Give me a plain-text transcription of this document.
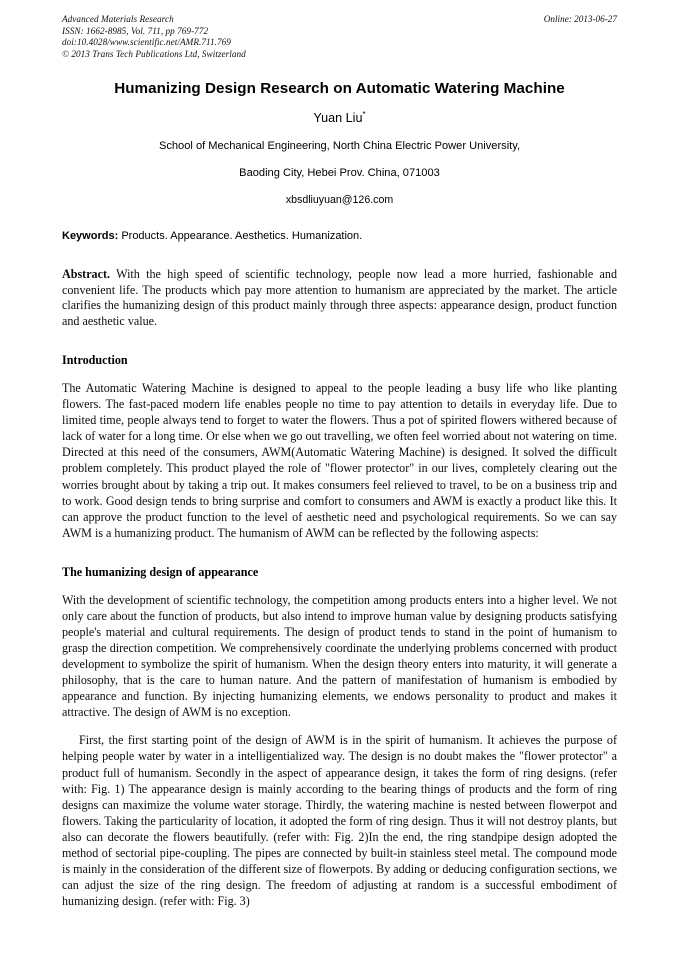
Advanced Materials Research
ISSN: 1662-8985, Vol. 711, pp 769-772
doi:10.4028/www.scientific.net/AMR.711.769
© 2013 Trans Tech Publications Ltd, Switzerland
Online: 2013-06-27
Humanizing Design Research on Automatic Watering Machine
Yuan Liu*
School of Mechanical Engineering, North China Electric Power University,
Baoding City, Hebei Prov. China, 071003
xbsdliuyuan@126.com
Keywords: Products. Appearance. Aesthetics. Humanization.
Abstract. With the high speed of scientific technology, people now lead a more hurried, fashionable and convenient life. The products which pay more attention to humanism are appreciated by the market. The article clarifies the humanizing design of this product mainly through three aspects: appearance design, product function and aesthetic value.
Introduction

The Automatic Watering Machine is designed to appeal to the people leading a busy life who like planting flowers. The fast-paced modern life enables people no time to pay attention to details in everyday life. Due to limited time, people always tend to forget to water the flowers. Thus a pot of spirited flowers withered because of lack of water for a long time. Or else when we go out travelling, we often feel worried about not watering on time. Directed at this need of the consumers, AWM(Automatic Watering Machine) is designed. It solved the difficult problem completely. This product played the role of "flower protector" in our lives, completely clearing out the worries brought about by taking a trip out. It makes consumers feel relieved to travel, to be on a business trip and to work. Good design tends to bring surprise and comfort to consumers and AWM is exactly a product like this. It can approve the product function to the level of aesthetic need and psychological requirements. So we can say AWM is a humanizing product. The humanism of AWM can be reflected by the following aspects:

The humanizing design of appearance

With the development of scientific technology, the competition among products enters into a higher level. We not only care about the function of products, but also intend to improve human value by designing products satisfying people's material and cultural requirements. The design of product tends to stand in the point of humanism to grasp the direction competition. We comprehensively coordinate the underlying problems concerned with product development to symbolize the spirit of humanism. When the design theory enters into maturity, it will generate a philosophy, that is the care to human nature. And the pattern of manifestation of humanism is embodied by appearance and function. By injecting humanizing elements, we endows personality to product and makes it attractive. The design of AWM is no exception.

First, the first starting point of the design of AWM is in the spirit of humanism. It achieves the purpose of helping people water by water in a intelligentialized way. The design is no doubt makes the "flower protector" a product full of humanism. Secondly in the aspect of appearance design, it takes the form of ring designs. (refer with: Fig. 1) The appearance design is mainly according to the bearing things of products and the form of ring designs can maximize the volume water storage. Thirdly, the watering machine is nested between flowerpot and flowers. Taking the particularity of location, it adopted the form of ring design. Thus it will not destroy plants, but also can decorate the flowers beautifully. (refer with: Fig. 2)In the end, the ring standpipe design adopted the method of sectorial pipe-coupling. The pipes are connected by built-in stainless steel metal. The compound mode is mainly in the consideration of the different size of flowerpots. By adding or deducing configuration sections, we can adjust the size of the ring design. The freedom of adjusting at random is a successful embodiment of humanizing design. (refer with: Fig. 3)
